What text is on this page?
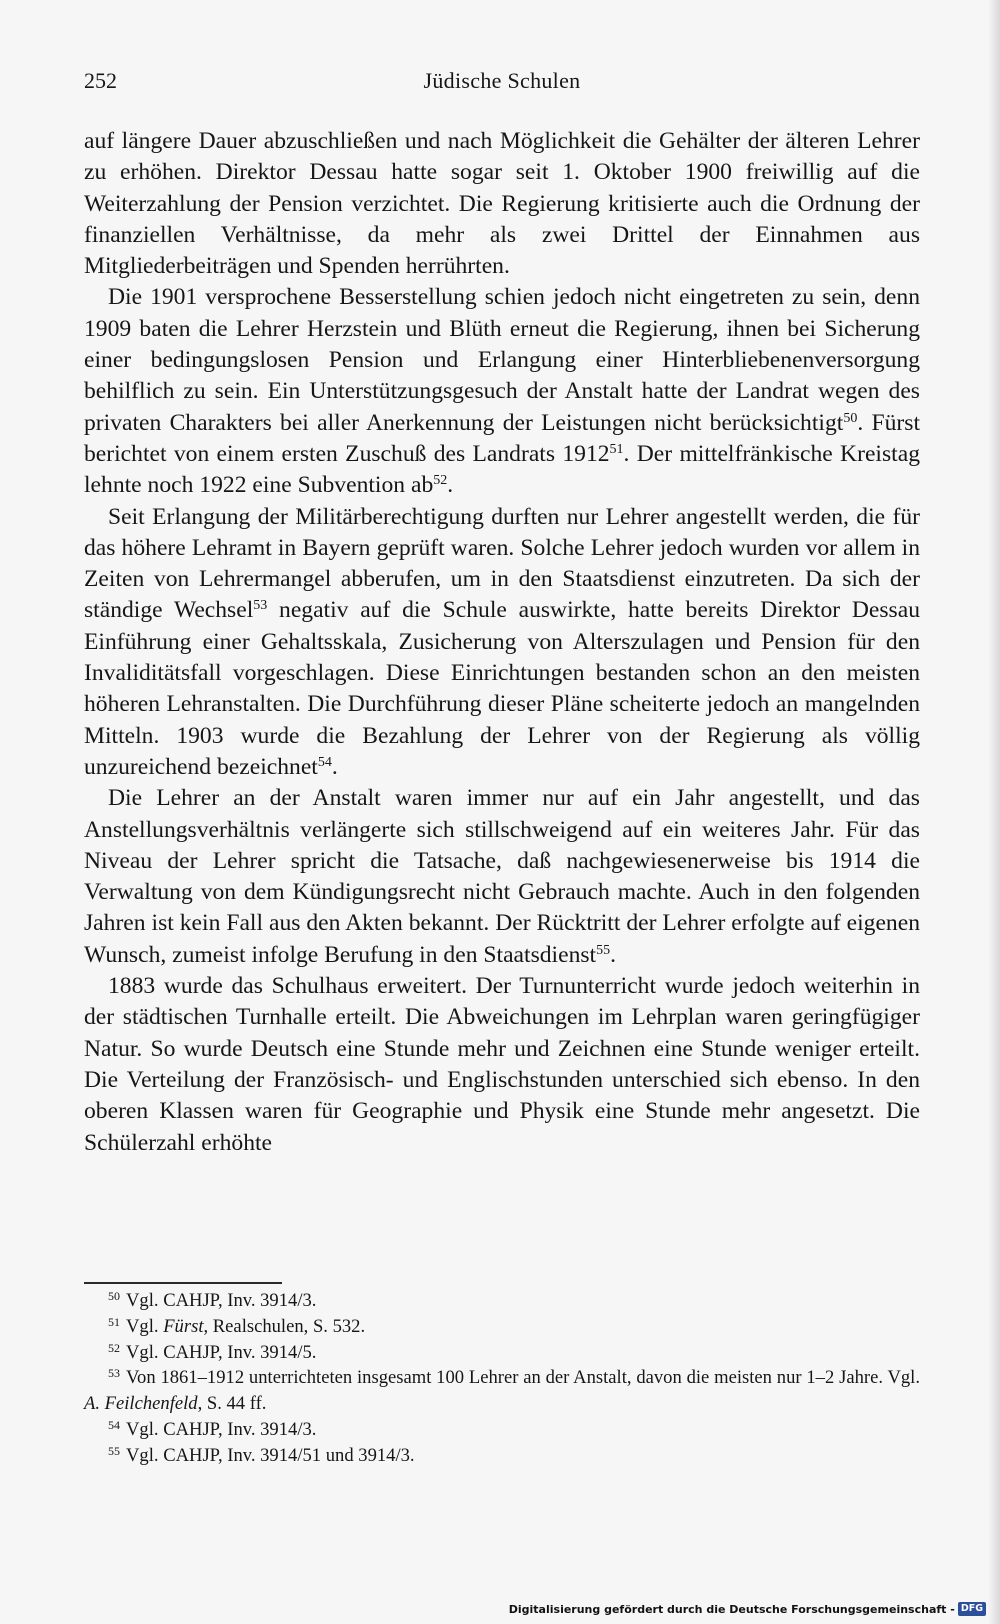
252	Jüdische Schulen

auf längere Dauer abzuschließen und nach Möglichkeit die Gehälter der älteren Lehrer zu erhöhen. Direktor Dessau hatte sogar seit 1. Oktober 1900 freiwillig auf die Weiterzahlung der Pension verzichtet. Die Regierung kritisierte auch die Ordnung der finanziellen Verhältnisse, da mehr als zwei Drittel der Einnahmen aus Mitgliederbeiträgen und Spenden herrührten.

Die 1901 versprochene Besserstellung schien jedoch nicht eingetreten zu sein, denn 1909 baten die Lehrer Herzstein und Blüth erneut die Regierung, ihnen bei Sicherung einer bedingungslosen Pension und Erlangung einer Hinterbliebenenversorgung behilflich zu sein. Ein Unterstützungsgesuch der Anstalt hatte der Landrat wegen des privaten Charakters bei aller Anerkennung der Leistungen nicht berücksichtigt$^{50}$. Fürst berichtet von einem ersten Zuschuß des Landrats 1912$^{51}$. Der mittelfränkische Kreistag lehnte noch 1922 eine Subvention ab$^{52}$.

Seit Erlangung der Militärberechtigung durften nur Lehrer angestellt werden, die für das höhere Lehramt in Bayern geprüft waren. Solche Lehrer jedoch wurden vor allem in Zeiten von Lehrermangel abberufen, um in den Staatsdienst einzutreten. Da sich der ständige Wechsel$^{53}$ negativ auf die Schule auswirkte, hatte bereits Direktor Dessau Einführung einer Gehaltsskala, Zusicherung von Alterszulagen und Pension für den Invaliditätsfall vorgeschlagen. Diese Einrichtungen bestanden schon an den meisten höheren Lehranstalten. Die Durchführung dieser Pläne scheiterte jedoch an mangelnden Mitteln. 1903 wurde die Bezahlung der Lehrer von der Regierung als völlig unzureichend bezeichnet$^{54}$.

Die Lehrer an der Anstalt waren immer nur auf ein Jahr angestellt, und das Anstellungsverhältnis verlängerte sich stillschweigend auf ein weiteres Jahr. Für das Niveau der Lehrer spricht die Tatsache, daß nachgewiesenerweise bis 1914 die Verwaltung von dem Kündigungsrecht nicht Gebrauch machte. Auch in den folgenden Jahren ist kein Fall aus den Akten bekannt. Der Rücktritt der Lehrer erfolgte auf eigenen Wunsch, zumeist infolge Berufung in den Staatsdienst$^{55}$.

1883 wurde das Schulhaus erweitert. Der Turnunterricht wurde jedoch weiterhin in der städtischen Turnhalle erteilt. Die Abweichungen im Lehrplan waren geringfügiger Natur. So wurde Deutsch eine Stunde mehr und Zeichnen eine Stunde weniger erteilt. Die Verteilung der Französisch- und Englischstunden unterschied sich ebenso. In den oberen Klassen waren für Geographie und Physik eine Stunde mehr angesetzt. Die Schülerzahl erhöhte

$^{50}$ Vgl. CAHJP, Inv. 3914/3.

$^{51}$ Vgl. Fürst, Realschulen, S. 532.

$^{52}$ Vgl. CAHJP, Inv. 3914/5.

$^{53}$ Von 1861–1912 unterrichteten insgesamt 100 Lehrer an der Anstalt, davon die meisten nur 1–2 Jahre. Vgl. A. Feilchenfeld, S. 44 ff.

$^{54}$ Vgl. CAHJP, Inv. 3914/3.

$^{55}$ Vgl. CAHJP, Inv. 3914/51 und 3914/3.

Digitalisierung gefördert durch die Deutsche Forschungsgemeinschaft - DFG
